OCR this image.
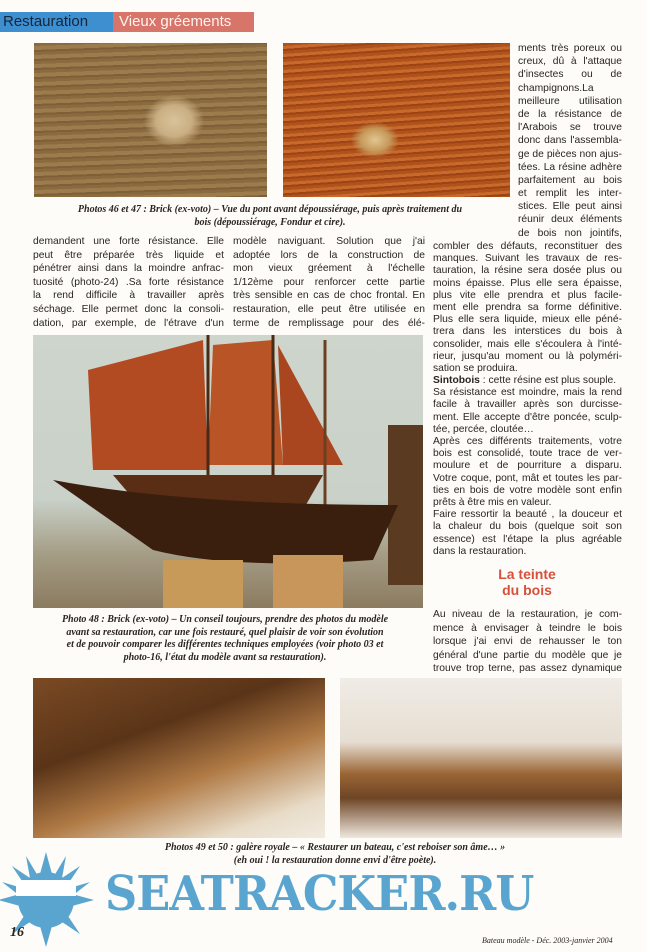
Restauration	Vieux gréements
Photos 46 et 47 : Brick (ex-voto) – Vue du pont avant dépoussiérage, puis après traitement du
bois (dépoussiérage, Fondur et cire).
demandent une forte résistance. Elle
peut être préparée très liquide et
pénétrer ainsi dans la moindre anfrac-
tuosité (photo-24) .Sa forte résistance
la rend difficile à travailler après
séchage. Elle permet donc la consoli-
dation, par exemple, de l'étrave d'un
modèle naviguant. Solution que j'ai
adoptée lors de la construction de
mon vieux gréement à l'échelle
1/12ème pour renforcer cette partie
très sensible en cas de choc frontal. En
restauration, elle peut être utilisée en
terme de remplissage pour des élé-
ments très poreux ou
creux, dû à l'attaque
d'insectes ou de
champignons.La
meilleure utilisation
de la résistance de
l'Arabois se trouve
donc dans l'assembla-
ge de pièces non ajus-
tées. La résine adhère
parfaitement au bois
et remplit les inter-
stices. Elle peut ainsi
réunir deux éléments
de bois non jointifs,
combler des défauts, reconstituer des
manques. Suivant les travaux de res-
tauration, la résine sera dosée plus ou
moins épaisse. Plus elle sera épaisse,
plus vite elle prendra et plus facile-
ment elle prendra sa forme définitive.
Plus elle sera liquide, mieux elle péné-
trera dans les interstices du bois à
consolider, mais elle s'écoulera à l'inté-
rieur, jusqu'au moment ou là polyméri-
sation se produira.
Sintobois : cette résine est plus souple.
Sa résistance est moindre, mais la rend
facile à travailler après son durcisse-
ment. Elle accepte d'être poncée, sculp-
tée, percée, cloutée…
Après ces différents traitements, votre
bois est consolidé, toute trace de ver-
moulure et de pourriture a disparu.
Votre coque, pont, mât et toutes les par-
ties en bois de votre modèle sont enfin
prêts à être mis en valeur.
Faire ressortir la beauté , la douceur et
la chaleur du bois (quelque soit son
essence) est l'étape la plus agréable
dans la restauration.
Photo 48 : Brick (ex-voto) – Un conseil toujours, prendre des photos du modèle
avant sa restauration, car une fois restauré, quel plaisir de voir son évolution
et de pouvoir comparer les différentes techniques employées (voir photo 03 et
photo-16, l'état du modèle avant sa restauration).
La teinte
du bois
Au niveau de la restauration, je com-
mence à envisager à teindre le bois
lorsque j'ai envi de rehausser le ton
général d'une partie du modèle que je
trouve trop terne, pas assez dynamique
Photos 49 et 50 : galère royale – « Restaurer un bateau, c'est reboiser son âme… »
(eh oui ! la restauration donne envi d'être poète).
SEATRACKER.RU
16
Bateau modèle - Déc. 2003-janvier 2004
